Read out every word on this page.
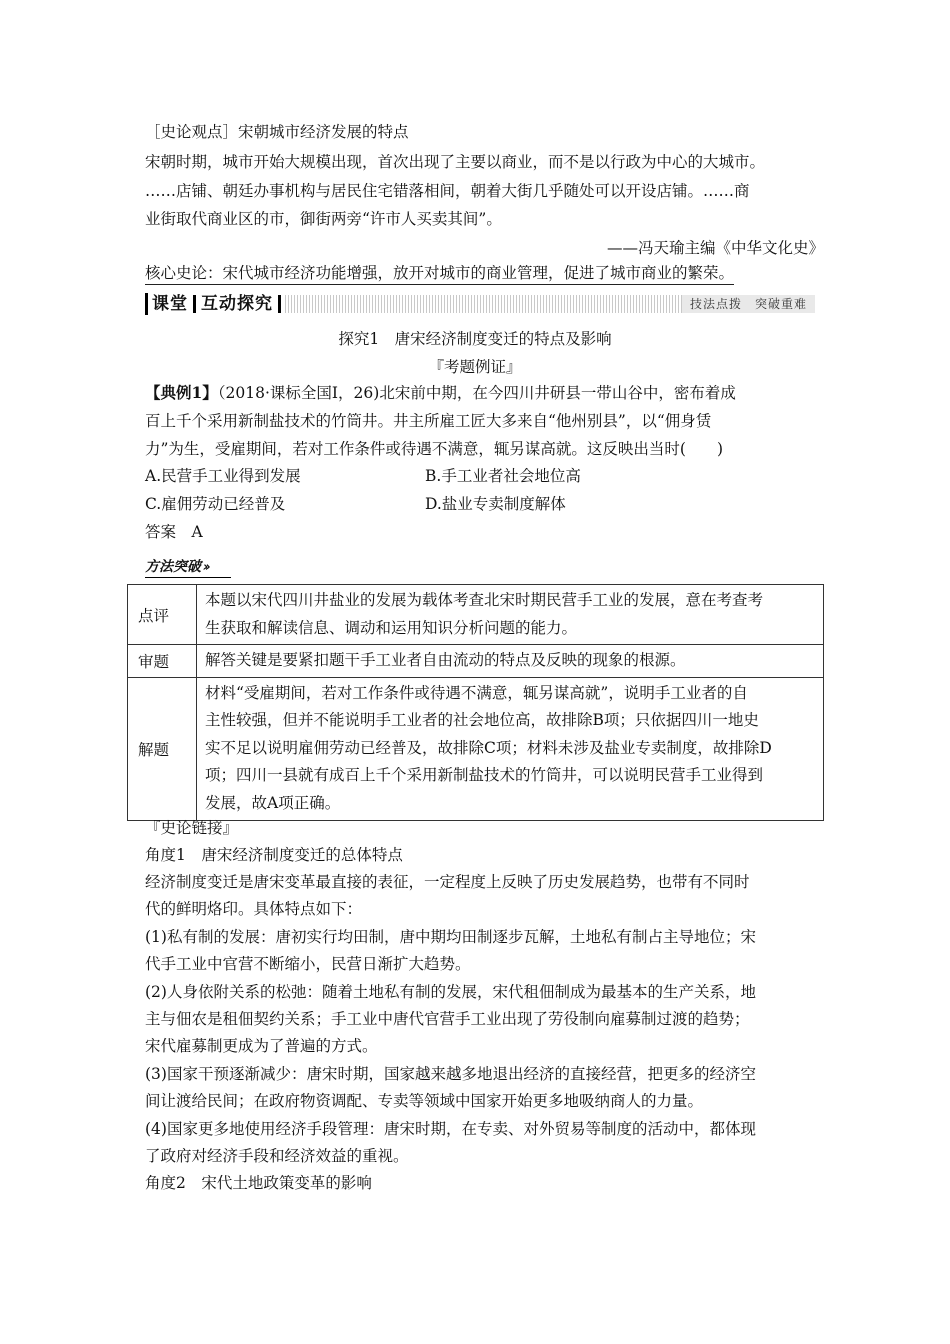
［史论观点］宋朝城市经济发展的特点
宋朝时期，城市开始大规模出现，首次出现了主要以商业，而不是以行政为中心的大城市。
……店铺、朝廷办事机构与居民住宅错落相间，朝着大街几乎随处可以开设店铺。……商
业街取代商业区的市，御街两旁“许市人买卖其间”。
——冯天瑜主编《中华文化史》
核心史论：宋代城市经济功能增强，放开对城市的商业管理，促进了城市商业的繁荣。
课堂 互动探究	技法点拨　突破重难
探究1　唐宋经济制度变迁的特点及影响
『考题例证』
【典例1】（2018·课标全国Ⅰ，26)北宋前中期，在今四川井研县一带山谷中，密布着成
百上千个采用新制盐技术的竹筒井。井主所雇工匠大多来自“他州别县”，以“佣身赁
力”为生，受雇期间，若对工作条件或待遇不满意，辄另谋高就。这反映出当时(　　)
A.民营手工业得到发展	B.手工业者社会地位高
C.雇佣劳动已经普及	D.盐业专卖制度解体
答案　A
方法突破 ››
点评	本题以宋代四川井盐业的发展为载体考查北宋时期民营手工业的发展，意在考查考
生获取和解读信息、调动和运用知识分析问题的能力。

审题	解答关键是要紧扣题干手工业者自由流动的特点及反映的现象的根源。

解题	材料“受雇期间，若对工作条件或待遇不满意，辄另谋高就”，说明手工业者的自
主性较强，但并不能说明手工业者的社会地位高，故排除B项；只依据四川一地史
实不足以说明雇佣劳动已经普及，故排除C项；材料未涉及盐业专卖制度，故排除D
项；四川一县就有成百上千个采用新制盐技术的竹筒井，可以说明民营手工业得到
发展，故A项正确。
『史论链接』
角度1　唐宋经济制度变迁的总体特点
经济制度变迁是唐宋变革最直接的表征，一定程度上反映了历史发展趋势，也带有不同时
代的鲜明烙印。具体特点如下：
(1)私有制的发展：唐初实行均田制，唐中期均田制逐步瓦解，土地私有制占主导地位；宋
代手工业中官营不断缩小，民营日渐扩大趋势。
(2)人身依附关系的松弛：随着土地私有制的发展，宋代租佃制成为最基本的生产关系，地
主与佃农是租佃契约关系；手工业中唐代官营手工业出现了劳役制向雇募制过渡的趋势；
宋代雇募制更成为了普遍的方式。
(3)国家干预逐渐减少：唐宋时期，国家越来越多地退出经济的直接经营，把更多的经济空
间让渡给民间；在政府物资调配、专卖等领域中国家开始更多地吸纳商人的力量。
(4)国家更多地使用经济手段管理：唐宋时期，在专卖、对外贸易等制度的活动中，都体现
了政府对经济手段和经济效益的重视。
角度2　宋代土地政策变革的影响
